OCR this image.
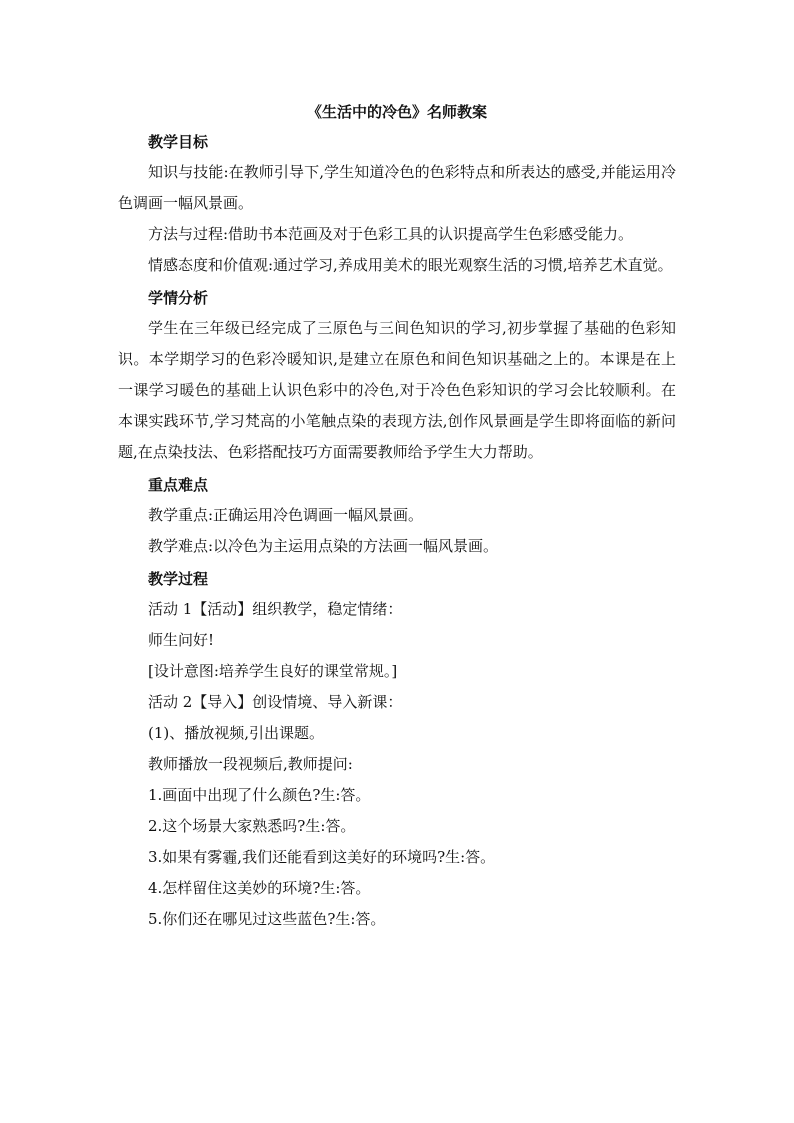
《生活中的冷色》名师教案
教学目标

知识与技能:在教师引导下,学生知道冷色的色彩特点和所表达的感受,并能运用冷色调画一幅风景画。

方法与过程:借助书本范画及对于色彩工具的认识提高学生色彩感受能力。

情感态度和价值观:通过学习,养成用美术的眼光观察生活的习惯,培养艺术直觉。

学情分析

学生在三年级已经完成了三原色与三间色知识的学习,初步掌握了基础的色彩知识。本学期学习的色彩冷暖知识,是建立在原色和间色知识基础之上的。本课是在上一课学习暖色的基础上认识色彩中的冷色,对于冷色色彩知识的学习会比较顺利。在本课实践环节,学习梵高的小笔触点染的表现方法,创作风景画是学生即将面临的新问题,在点染技法、色彩搭配技巧方面需要教师给予学生大力帮助。

重点难点

教学重点:正确运用冷色调画一幅风景画。

教学难点:以冷色为主运用点染的方法画一幅风景画。

教学过程

活动 1【活动】组织教学，稳定情绪：

师生问好!

[设计意图:培养学生良好的课堂常规。]

活动 2【导入】创设情境、导入新课：

(1)、播放视频,引出课题。

教师播放一段视频后,教师提问:

1.画面中出现了什么颜色?生:答。

2.这个场景大家熟悉吗?生:答。

3.如果有雾霾,我们还能看到这美好的环境吗?生:答。

4.怎样留住这美妙的环境?生:答。

5.你们还在哪见过这些蓝色?生:答。
